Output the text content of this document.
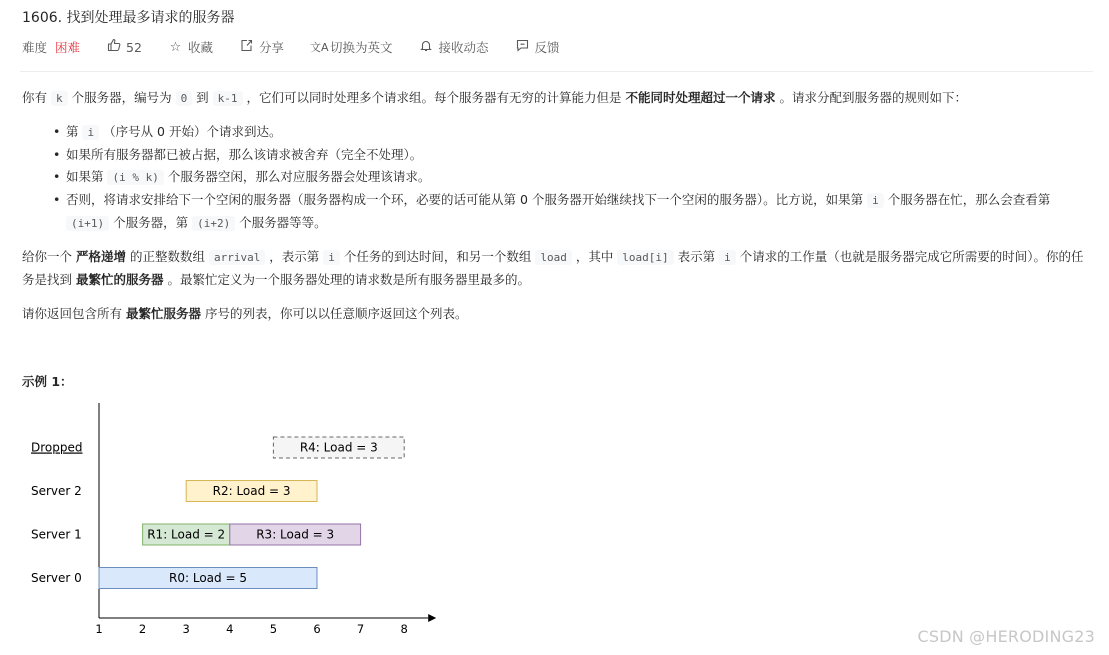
1606. 找到处理最多请求的服务器
难度 困难	52 ☆ 收藏	分享 文A 切换为英文	接收动态	反馈

你有 k 个服务器，编号为 0 到 k-1 ，它们可以同时处理多个请求组。每个服务器有无穷的计算能力但是 不能同时处理超过一个请求 。请求分配到服务器的规则如下：

• 第 i （序号从 0 开始）个请求到达。
• 如果所有服务器都已被占据，那么该请求被舍弃（完全不处理）。
• 如果第 (i % k) 个服务器空闲，那么对应服务器会处理该请求。
• 否则，将请求安排给下一个空闲的服务器（服务器构成一个环，必要的话可能从第 0 个服务器开始继续找下一个空闲的服务器）。比方说，如果第 i 个服务器在忙，那么会查看第 (i+1) 个服务器，第 (i+2) 个服务器等等。

给你一个 严格递增 的正整数数组 arrival ，表示第 i 个任务的到达时间，和另一个数组 load ，其中 load[i] 表示第 i 个请求的工作量（也就是服务器完成它所需要的时间）。你的任务是找到 最繁忙的服务器 。最繁忙定义为一个服务器处理的请求数是所有服务器里最多的。

请你返回包含所有 最繁忙服务器 序号的列表，你可以以任意顺序返回这个列表。

示例 1：
1	2	3	4	5	6	7	8
Server 0
Server 1
Server 2
Dropped
R0: Load = 5
R1: Load = 2	R3: Load = 3
R2: Load = 3
R4: Load = 3
CSDN @HERODING23
